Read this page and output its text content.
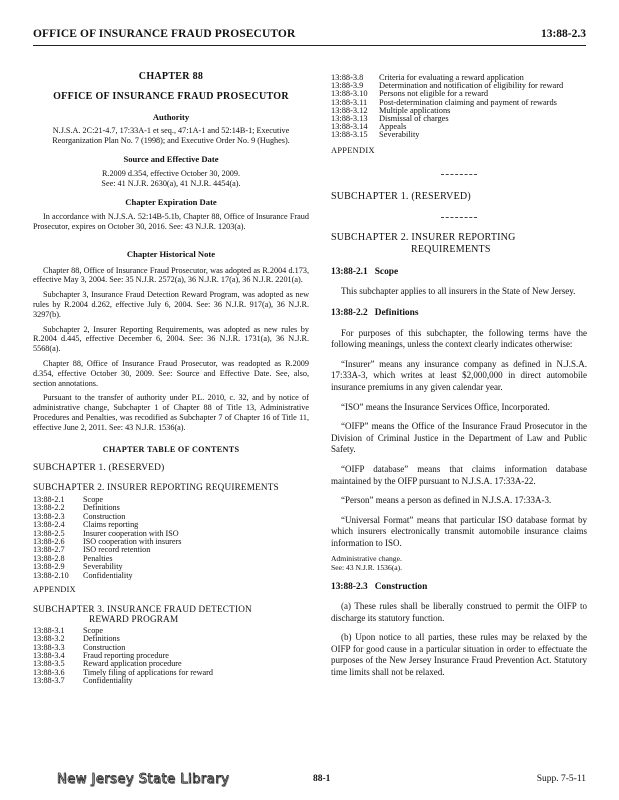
OFFICE OF INSURANCE FRAUD PROSECUTOR	13:88-2.3
CHAPTER 88
OFFICE OF INSURANCE FRAUD PROSECUTOR
Authority

N.J.S.A. 2C:21-4.7, 17:33A-1 et seq., 47:1A-1 and 52:14B-1; Executive Reorganization Plan No. 7 (1998); and Executive Order No. 9 (Hughes).

Source and Effective Date
R.2009 d.354, effective October 30, 2009.
See: 41 N.J.R. 2630(a), 41 N.J.R. 4454(a).
Chapter Expiration Date

In accordance with N.J.S.A. 52:14B-5.1b, Chapter 88, Office of Insurance Fraud Prosecutor, expires on October 30, 2016. See: 43 N.J.R. 1203(a).

Chapter Historical Note

Chapter 88, Office of Insurance Fraud Prosecutor, was adopted as R.2004 d.173, effective May 3, 2004. See: 35 N.J.R. 2572(a), 36 N.J.R. 17(a), 36 N.J.R. 2201(a).

Subchapter 3, Insurance Fraud Detection Reward Program, was adopted as new rules by R.2004 d.262, effective July 6, 2004. See: 36 N.J.R. 917(a), 36 N.J.R. 3297(b).

Subchapter 2, Insurer Reporting Requirements, was adopted as new rules by R.2004 d.445, effective December 6, 2004. See: 36 N.J.R. 1731(a), 36 N.J.R. 5568(a).

Chapter 88, Office of Insurance Fraud Prosecutor, was readopted as R.2009 d.354, effective October 30, 2009. See: Source and Effective Date. See, also, section annotations.

Pursuant to the transfer of authority under P.L. 2010, c. 32, and by notice of administrative change, Subchapter 1 of Chapter 88 of Title 13, Administrative Procedures and Penalties, was recodified as Subchapter 7 of Chapter 16 of Title 11, effective June 2, 2011. See: 43 N.J.R. 1536(a).

CHAPTER TABLE OF CONTENTS
SUBCHAPTER 1. (RESERVED)
SUBCHAPTER 2. INSURER REPORTING REQUIREMENTS
13:88-2.1	Scope
13:88-2.2	Definitions
13:88-2.3	Construction
13:88-2.4	Claims reporting
13:88-2.5	Insurer cooperation with ISO
13:88-2.6	ISO cooperation with insurers
13:88-2.7	ISO record retention
13:88-2.8	Penalties
13:88-2.9	Severability
13:88-2.10	Confidentiality
APPENDIX
SUBCHAPTER 3. INSURANCE FRAUD DETECTION
REWARD PROGRAM
13:88-3.1	Scope
13:88-3.2	Definitions
13:88-3.3	Construction
13:88-3.4	Fraud reporting procedure
13:88-3.5	Reward application procedure
13:88-3.6	Timely filing of applications for reward
13:88-3.7	Confidentiality
13:88-3.8	Criteria for evaluating a reward application
13:88-3.9	Determination and notification of eligibility for reward
13:88-3.10	Persons not eligible for a reward
13:88-3.11	Post-determination claiming and payment of rewards
13:88-3.12	Multiple applications
13:88-3.13	Dismissal of charges
13:88-3.14	Appeals
13:88-3.15	Severability
APPENDIX
SUBCHAPTER 1. (RESERVED)
SUBCHAPTER 2. INSURER REPORTING
REQUIREMENTS
13:88-2.1 Scope

This subchapter applies to all insurers in the State of New Jersey.

13:88-2.2 Definitions

For purposes of this subchapter, the following terms have the following meanings, unless the context clearly indicates otherwise:

“Insurer” means any insurance company as defined in N.J.S.A. 17:33A-3, which writes at least $2,000,000 in direct automobile insurance premiums in any given calendar year.

“ISO” means the Insurance Services Office, Incorporated.

“OIFP” means the Office of the Insurance Fraud Prosecutor in the Division of Criminal Justice in the Department of Law and Public Safety.

“OIFP database” means that claims information database maintained by the OIFP pursuant to N.J.S.A. 17:33A-22.

“Person” means a person as defined in N.J.S.A. 17:33A-3.

“Universal Format” means that particular ISO database format by which insurers electronically transmit automobile insurance claims information to ISO.

Administrative change.

See: 43 N.J.R. 1536(a).

13:88-2.3 Construction

(a) These rules shall be liberally construed to permit the OIFP to discharge its statutory function.

(b) Upon notice to all parties, these rules may be relaxed by the OIFP for good cause in a particular situation in order to effectuate the purposes of the New Jersey Insurance Fraud Prevention Act. Statutory time limits shall not be relaxed.

New Jersey State Library	88-1	Supp. 7-5-11
